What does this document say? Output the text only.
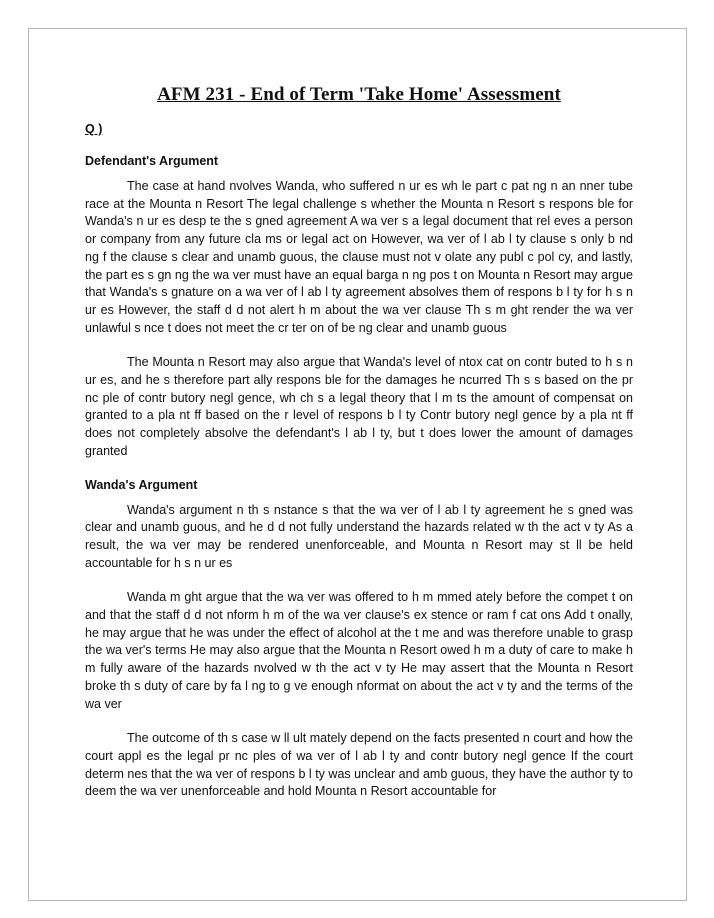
AFM 231 - End of Term 'Take Home' Assessment
Q )
Defendant's Argument

The case at hand nvolves Wanda, who suffered n ur es wh le part c pat ng n an nner tube race at the Mounta n Resort The legal challenge s whether the Mounta n Resort s respons ble for Wanda's n ur es desp te the s gned agreement A wa ver s a legal document that rel eves a person or company from any future cla ms or legal act on However, wa ver of l ab l ty clause s only b nd ng f the clause s clear and unamb guous, the clause must not v olate any publ c pol cy, and lastly, the part es s gn ng the wa ver must have an equal barga n ng pos t on Mounta n Resort may argue that Wanda's s gnature on a wa ver of l ab l ty agreement absolves them of respons b l ty for h s n ur es However, the staff d d not alert h m about the wa ver clause Th s m ght render the wa ver unlawful s nce t does not meet the cr ter on of be ng clear and unamb guous

The Mounta n Resort may also argue that Wanda's level of ntox cat on contr buted to h s n ur es, and he s therefore part ally respons ble for the damages he ncurred Th s s based on the pr nc ple of contr butory negl gence, wh ch s a legal theory that l m ts the amount of compensat on granted to a pla nt ff based on the r level of respons b l ty Contr butory negl gence by a pla nt ff does not completely absolve the defendant's l ab l ty, but t does lower the amount of damages granted

Wanda's Argument

Wanda's argument n th s nstance s that the wa ver of l ab l ty agreement he s gned was clear and unamb guous, and he d d not fully understand the hazards related w th the act v ty As a result, the wa ver may be rendered unenforceable, and Mounta n Resort may st ll be held accountable for h s n ur es

Wanda m ght argue that the wa ver was offered to h m mmed ately before the compet t on and that the staff d d not nform h m of the wa ver clause's ex stence or ram f cat ons Add t onally, he may argue that he was under the effect of alcohol at the t me and was therefore unable to grasp the wa ver's terms He may also argue that the Mounta n Resort owed h m a duty of care to make h m fully aware of the hazards nvolved w th the act v ty He may assert that the Mounta n Resort broke th s duty of care by fa l ng to g ve enough nformat on about the act v ty and the terms of the wa ver

The outcome of th s case w ll ult mately depend on the facts presented n court and how the court appl es the legal pr nc ples of wa ver of l ab l ty and contr butory negl gence If the court determ nes that the wa ver of respons b l ty was unclear and amb guous, they have the author ty to deem the wa ver unenforceable and hold Mounta n Resort accountable for
